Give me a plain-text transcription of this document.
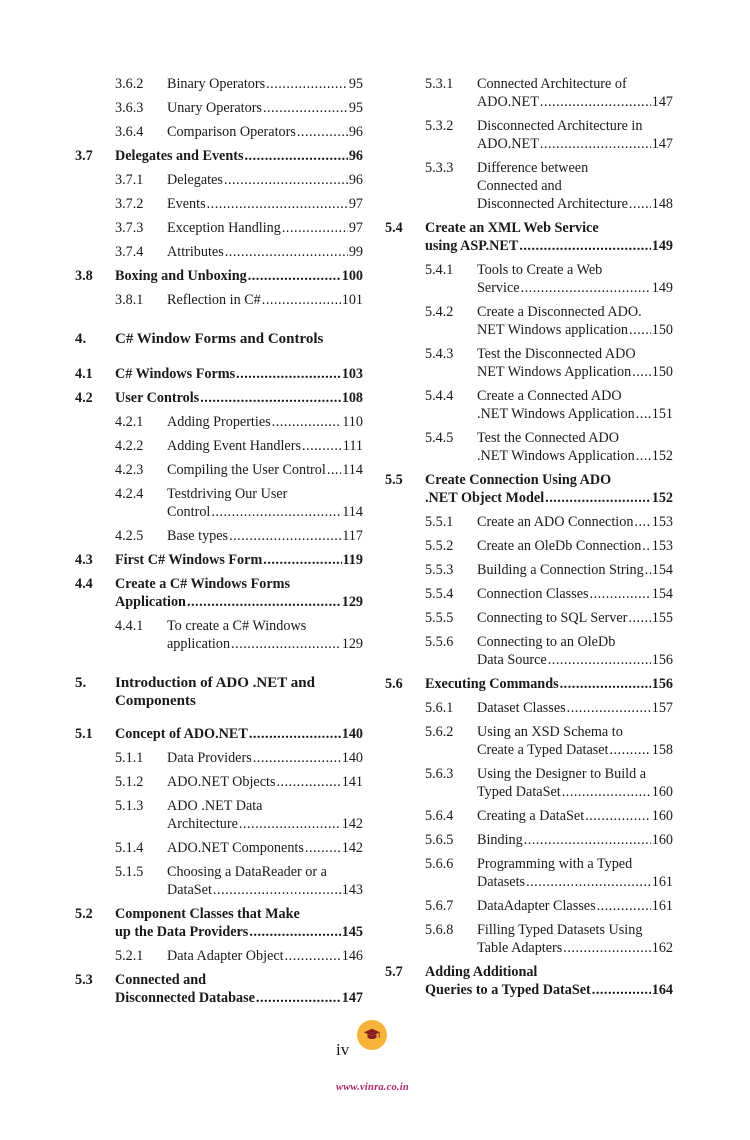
3.6.2 Binary Operators .....	95
3.6.3 Unary Operators .....	95
3.6.4 Comparison Operators .....	96
3.7 Delegates and Events .....	96
3.7.1 Delegates .....	96
3.7.2 Events .....	97
3.7.3 Exception Handling .....	97
3.7.4 Attributes .....	99
3.8 Boxing and Unboxing .....	100
3.8.1 Reflection in C# .....	101
4. C# Window Forms and Controls
4.1 C# Windows Forms .....	103
4.2 User Controls .....	108
4.2.1 Adding Properties .....	110
4.2.2 Adding Event Handlers .....	111
4.2.3 Compiling the User Control ..... 114
4.2.4 Testdriving Our User
Control .....	114
4.2.5 Base types .....	117
4.3 First C# Windows Form .....	119
4.4 Create a C# Windows Forms
Application .....	129
4.4.1 To create a C# Windows
application .....	129
5. Introduction of ADO .NET and
Components
5.1 Concept of ADO.NET .....	140
5.1.1 Data Providers .....	140
5.1.2 ADO.NET Objects .....	141
5.1.3 ADO .NET Data
Architecture .....	142
5.1.4 ADO.NET Components .....	142
5.1.5 Choosing a DataReader or a
DataSet .....	143
5.2 Component Classes that Make
up the Data Providers .....	145
5.2.1 Data Adapter Object .....	146
5.3 Connected and
Disconnected Database .....	147
5.3.1 Connected Architecture of
ADO.NET .....	147
5.3.2 Disconnected Architecture in
ADO.NET .....	147
5.3.3 Difference between
Connected and
Disconnected Architecture ..... 148
5.4 Create an XML Web Service
using ASP.NET .....	149
5.4.1 Tools to Create a Web
Service .....	149
5.4.2 Create a Disconnected ADO.
NET Windows application ..... 150
5.4.3 Test the Disconnected ADO
NET Windows Application ..... 150
5.4.4 Create a Connected ADO
.NET Windows Application ..... 151
5.4.5 Test the Connected ADO
.NET Windows Application ..... 152
5.5 Create Connection Using ADO
.NET Object Model .....	152
5.5.1 Create an ADO Connection ..... 153
5.5.2 Create an OleDb Connection ..... 153
5.5.3 Building a Connection String ..... 154
5.5.4 Connection Classes .....	154
5.5.5 Connecting to SQL Server ..... 155
5.5.6 Connecting to an OleDb
Data Source .....	156
5.6 Executing Commands .....	156
5.6.1 Dataset Classes .....	157
5.6.2 Using an XSD Schema to
Create a Typed Dataset .....	158
5.6.3 Using the Designer to Build a
Typed DataSet .....	160
5.6.4 Creating a DataSet .....	160
5.6.5 Binding .....	160
5.6.6 Programming with a Typed
Datasets .....	161
5.6.7 DataAdapter Classes .....	161
5.6.8 Filling Typed Datasets Using
Table Adapters .....	162
5.7 Adding Additional
Queries to a Typed DataSet .....	164
iv
www.vinra.co.in
